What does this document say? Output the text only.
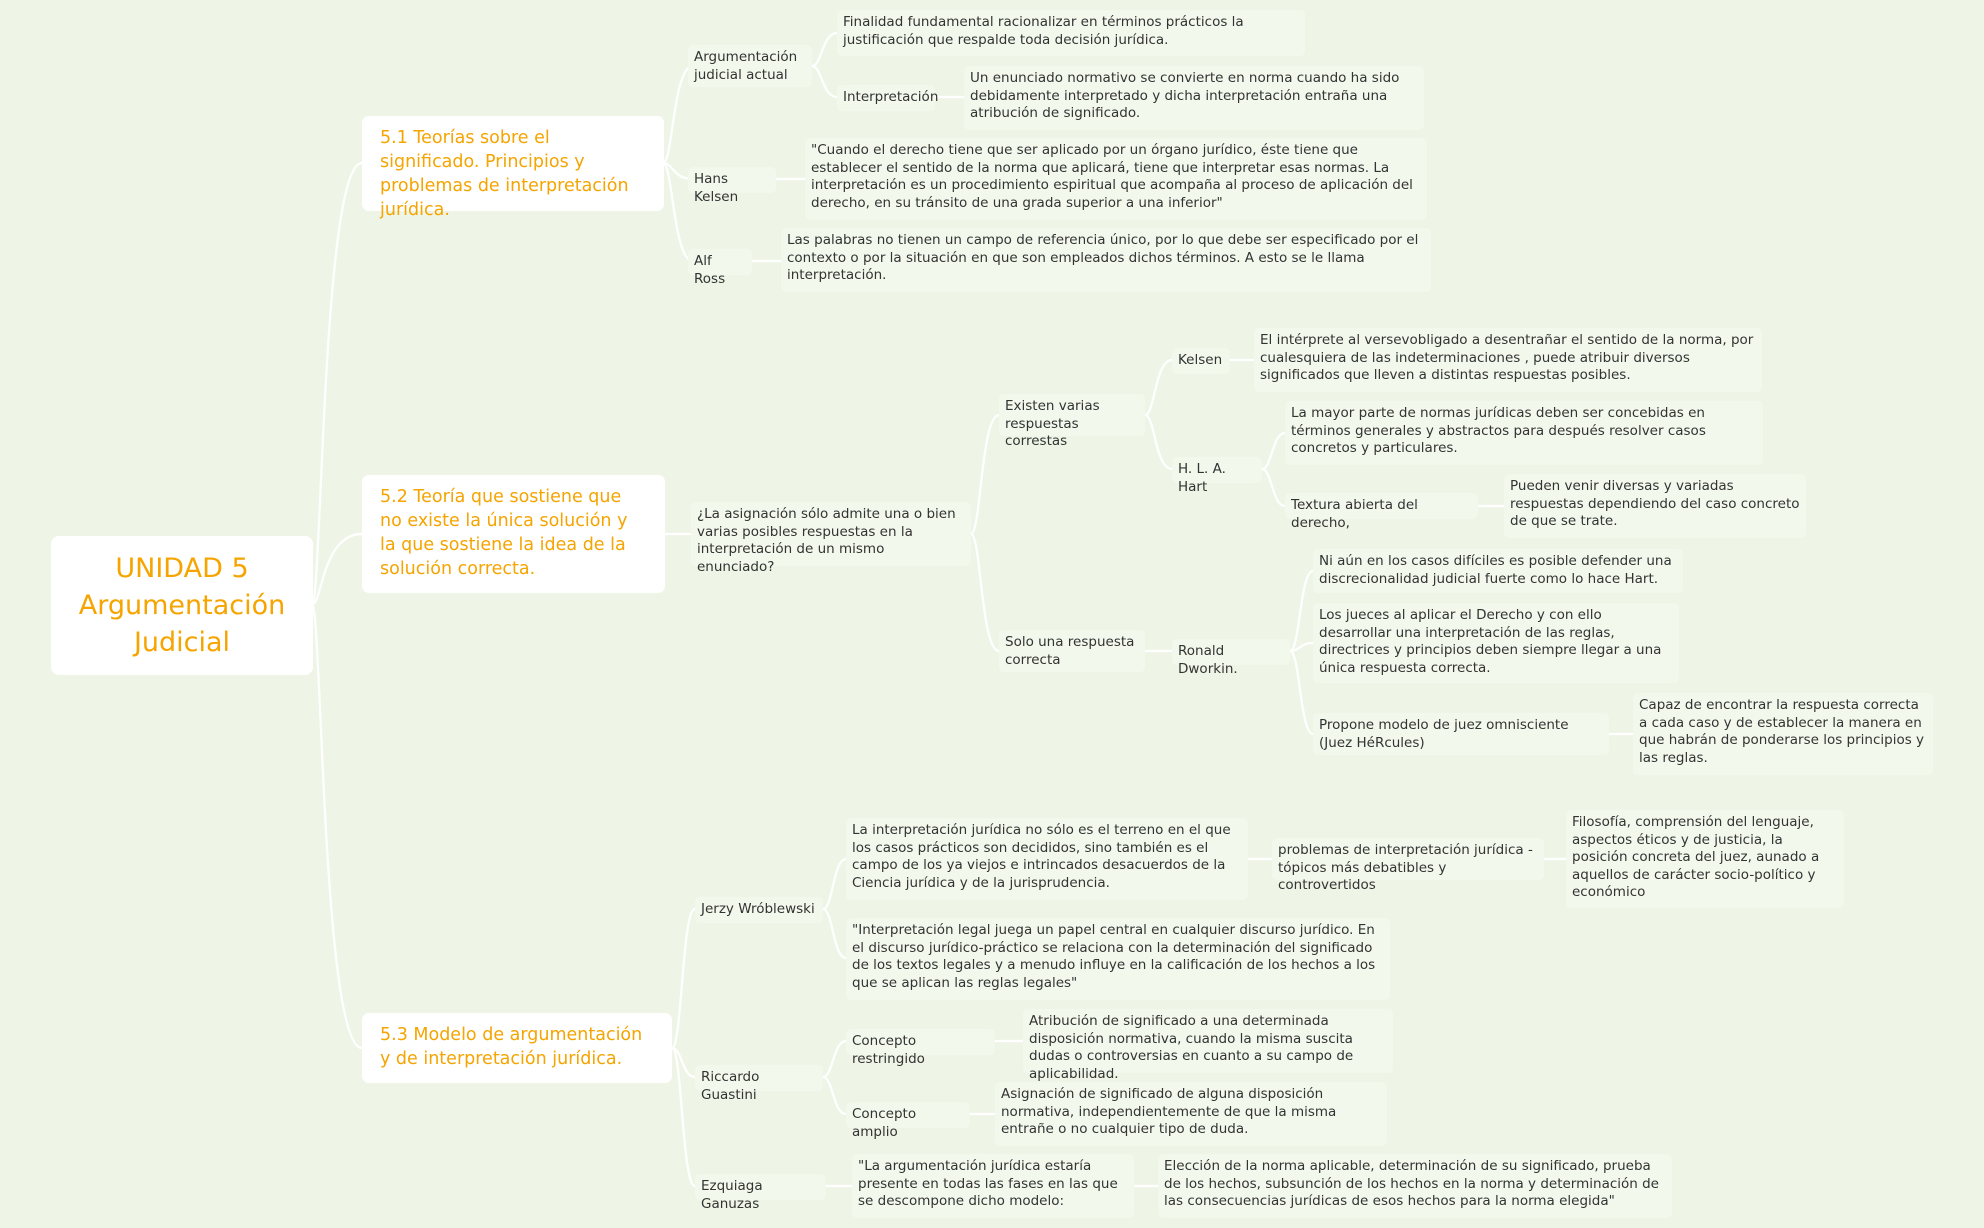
UNIDAD 5
Argumentación
Judicial
5.1 Teorías sobre el significado. Principios y problemas de interpretación jurídica.
Argumentación judicial actual
Finalidad fundamental racionalizar en términos prácticos la justificación que respalde toda decisión jurídica.
Interpretación
Un enunciado normativo se convierte en norma cuando ha sido debidamente interpretado y dicha interpretación entraña una atribución de significado.
Hans Kelsen
"Cuando el derecho tiene que ser aplicado por un órgano jurídico, éste tiene que establecer el sentido de la norma que aplicará, tiene que interpretar esas normas. La interpretación es un procedimiento espiritual que acompaña al proceso de aplicación del derecho, en su tránsito de una grada superior a una inferior"
Alf Ross
Las palabras no tienen un campo de referencia único, por lo que debe ser especificado por el contexto o por la situación en que son empleados dichos términos. A esto se le llama interpretación.
5.2 Teoría que sostiene que no existe la única solución y la que sostiene la idea de la solución correcta.
¿La asignación sólo admite una o bien varias posibles respuestas en la interpretación de un mismo enunciado?
Existen varias respuestas correstas
Kelsen
El intérprete al versevobligado a desentrañar el sentido de la norma, por cualesquiera de las indeterminaciones , puede atribuir diversos significados que lleven a distintas respuestas posibles.
H. L. A. Hart
La mayor parte de normas jurídicas deben ser concebidas en términos generales y abstractos para después resolver casos concretos y particulares.
Textura abierta del derecho,
Pueden venir diversas y variadas respuestas dependiendo del caso concreto de que se trate.
Solo una respuesta correcta
Ronald Dworkin.
Ni aún en los casos difíciles es posible defender una discrecionalidad judicial fuerte como lo hace Hart.
Los jueces al aplicar el Derecho y con ello desarrollar una interpretación de las reglas, directrices y principios deben siempre llegar a una única respuesta correcta.
Propone modelo de juez omnisciente (Juez HéRcules)
Capaz de encontrar la respuesta correcta a cada caso y de establecer la manera en que habrán de ponderarse los principios y las reglas.
5.3 Modelo de argumentación y de interpretación jurídica.
Jerzy Wróblewski
La interpretación jurídica no sólo es el terreno en el que los casos prácticos son decididos, sino también es el campo de los ya viejos e intrincados desacuerdos de la Ciencia jurídica y de la jurisprudencia.
problemas de interpretación jurídica - tópicos más debatibles y controvertidos
Filosofía, comprensión del lenguaje, aspectos éticos y de justicia, la posición concreta del juez, aunado a aquellos de carácter socio-político y económico
"Interpretación legal juega un papel central en cualquier discurso jurídico. En el discurso jurídico-práctico se relaciona con la determinación del significado de los textos legales y a menudo influye en la calificación de los hechos a los que se aplican las reglas legales"
Riccardo Guastini
Concepto restringido
Atribución de significado a una determinada disposición normativa, cuando la misma suscita dudas o controversias en cuanto a su campo de aplicabilidad.
Concepto amplio
Asignación de significado de alguna disposición normativa, independientemente de que la misma entrañe o no cualquier tipo de duda.
Ezquiaga Ganuzas
"La argumentación jurídica estaría presente en todas las fases en las que se descompone dicho modelo:
Elección de la norma aplicable, determinación de su significado, prueba de los hechos, subsunción de los hechos en la norma y determinación de las consecuencias jurídicas de esos hechos para la norma elegida"
